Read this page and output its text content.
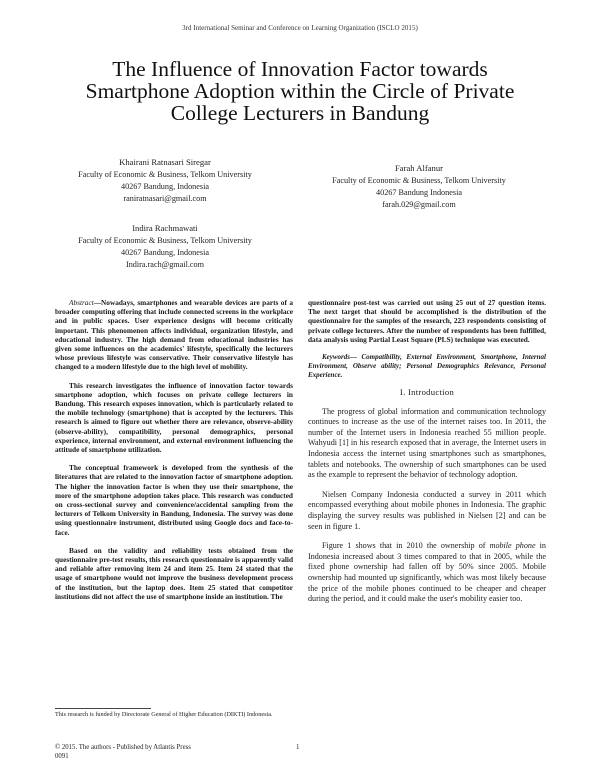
3rd International Seminar and Conference on Learning Organization (ISCLO 2015)
The Influence of Innovation Factor towards Smartphone Adoption within the Circle of Private College Lecturers in Bandung
Khairani Ratnasari Siregar
Faculty of Economic & Business, Telkom University
40267 Bandung, Indonesia
raniratnasari@gmail.com
Farah Alfanur
Faculty of Economic & Business, Telkom University
40267 Bandung Indonesia
farah.029@gmail.com
Indira Rachmawati
Faculty of Economic & Business, Telkom University
40267 Bandung, Indonesia
Indira.rach@gmail.com

Abstract—Nowadays, smartphones and wearable devices are parts of a broader computing offering that include connected screens in the workplace and in public spaces. User experience designs will become critically important. This phenomenon affects individual, organization lifestyle, and educational industry. The high demand from educational industries has given some influences on the academics' lifestyle, specifically the lecturers whose previous lifestyle was conservative. Their conservative lifestyle has changed to a modern lifestyle due to the high level of mobility.

This research investigates the influence of innovation factor towards smartphone adoption, which focuses on private college lecturers in Bandung. This research exposes innovation, which is particularly related to the mobile technology (smartphone) that is accepted by the lecturers. This research is aimed to figure out whether there are relevance, observe-ability (observe-ability), compatibility, personal demographics, personal experience, internal environment, and external environment influencing the attitude of smartphone utilization.

The conceptual framework is developed from the synthesis of the literatures that are related to the innovation factor of smartphone adoption. The higher the innovation factor is when they use their smartphone, the more of the smartphone adoption takes place. This research was conducted on cross-sectional survey and convenience/accidental sampling from the lecturers of Telkom University in Bandung, Indonesia. The survey was done using questionnaire instrument, distributed using Google docs and face-to-face.

Based on the validity and reliability tests obtained from the questionnaire pre-test results, this research questionnaire is apparently valid and reliable after removing item 24 and item 25. Item 24 stated that the usage of smartphone would not improve the business development process of the institution, but the laptop does. Item 25 stated that competitor institutions did not affect the use of smartphone inside an institution. The

questionnaire post-test was carried out using 25 out of 27 question items. The next target that should be accomplished is the distribution of the questionnaire for the samples of the research, 223 respondents consisting of private college lecturers. After the number of respondents has been fulfilled, data analysis using Partial Least Square (PLS) technique was executed.

Keywords— Compatibility, External Environment, Smartphone, Internal Environment, Observe ability; Personal Demographics Relevance, Personal Experience.

I. Introduction

The progress of global information and communication technology continues to increase as the use of the internet raises too. In 2011, the number of the Internet users in Indonesia reached 55 million people. Wahyudi [1] in his research exposed that in average, the Internet users in Indonesia access the internet using smartphones such as smartphones, tablets and notebooks. The ownership of such smartphones can be used as the example to represent the behavior of technology adoption.

Nielsen Company Indonesia conducted a survey in 2011 which encompassed everything about mobile phones in Indonesia. The graphic displaying the survey results was published in Nielsen [2] and can be seen in figure 1.

Figure 1 shows that in 2010 the ownership of mobile phone in Indonesia increased about 3 times compared to that in 2005, while the fixed phone ownership had fallen off by 50% since 2005. Mobile ownership had mounted up significantly, which was most likely because the price of the mobile phones continued to be cheaper and cheaper during the period, and it could make the user's mobility easier too.

This research is funded by Directorate General of Higher Education (DIKTI) Indonesia.
© 2015. The authors - Published by Atlantis Press
0091
1
